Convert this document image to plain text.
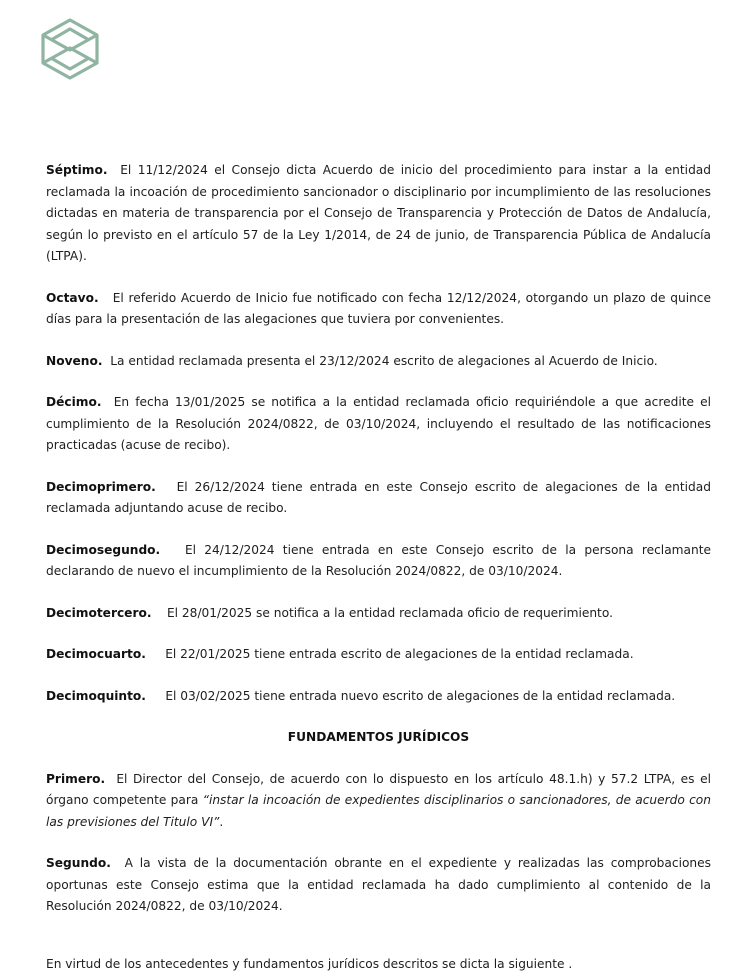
Séptimo. El 11/12/2024 el Consejo dicta Acuerdo de inicio del procedimiento para instar a la entidad reclamada la incoación de procedimiento sancionador o disciplinario por incumplimiento de las resoluciones dictadas en materia de transparencia por el Consejo de Transparencia y Protección de Datos de Andalucía, según lo previsto en el artículo 57 de la Ley 1/2014, de 24 de junio, de Transparencia Pública de Andalucía (LTPA).

Octavo. El referido Acuerdo de Inicio fue notificado con fecha 12/12/2024, otorgando un plazo de quince días para la presentación de las alegaciones que tuviera por convenientes.

Noveno. La entidad reclamada presenta el 23/12/2024 escrito de alegaciones al Acuerdo de Inicio.

Décimo. En fecha 13/01/2025 se notifica a la entidad reclamada oficio requiriéndole a que acredite el cumplimiento de la Resolución 2024/0822, de 03/10/2024, incluyendo el resultado de las notificaciones practicadas (acuse de recibo).

Decimoprimero. El 26/12/2024 tiene entrada en este Consejo escrito de alegaciones de la entidad reclamada adjuntando acuse de recibo.

Decimosegundo. El 24/12/2024 tiene entrada en este Consejo escrito de la persona reclamante declarando de nuevo el incumplimiento de la Resolución 2024/0822, de 03/10/2024.

Decimotercero. El 28/01/2025 se notifica a la entidad reclamada oficio de requerimiento.

Decimocuarto. El 22/01/2025 tiene entrada escrito de alegaciones de la entidad reclamada.

Decimoquinto. El 03/02/2025 tiene entrada nuevo escrito de alegaciones de la entidad reclamada.

FUNDAMENTOS JURÍDICOS

Primero. El Director del Consejo, de acuerdo con lo dispuesto en los artículo 48.1.h) y 57.2 LTPA, es el órgano competente para “instar la incoación de expedientes disciplinarios o sancionadores, de acuerdo con las previsiones del Titulo VI”.

Segundo. A la vista de la documentación obrante en el expediente y realizadas las comprobaciones oportunas este Consejo estima que la entidad reclamada ha dado cumplimiento al contenido de la Resolución 2024/0822, de 03/10/2024.

En virtud de los antecedentes y fundamentos jurídicos descritos se dicta la siguiente .
